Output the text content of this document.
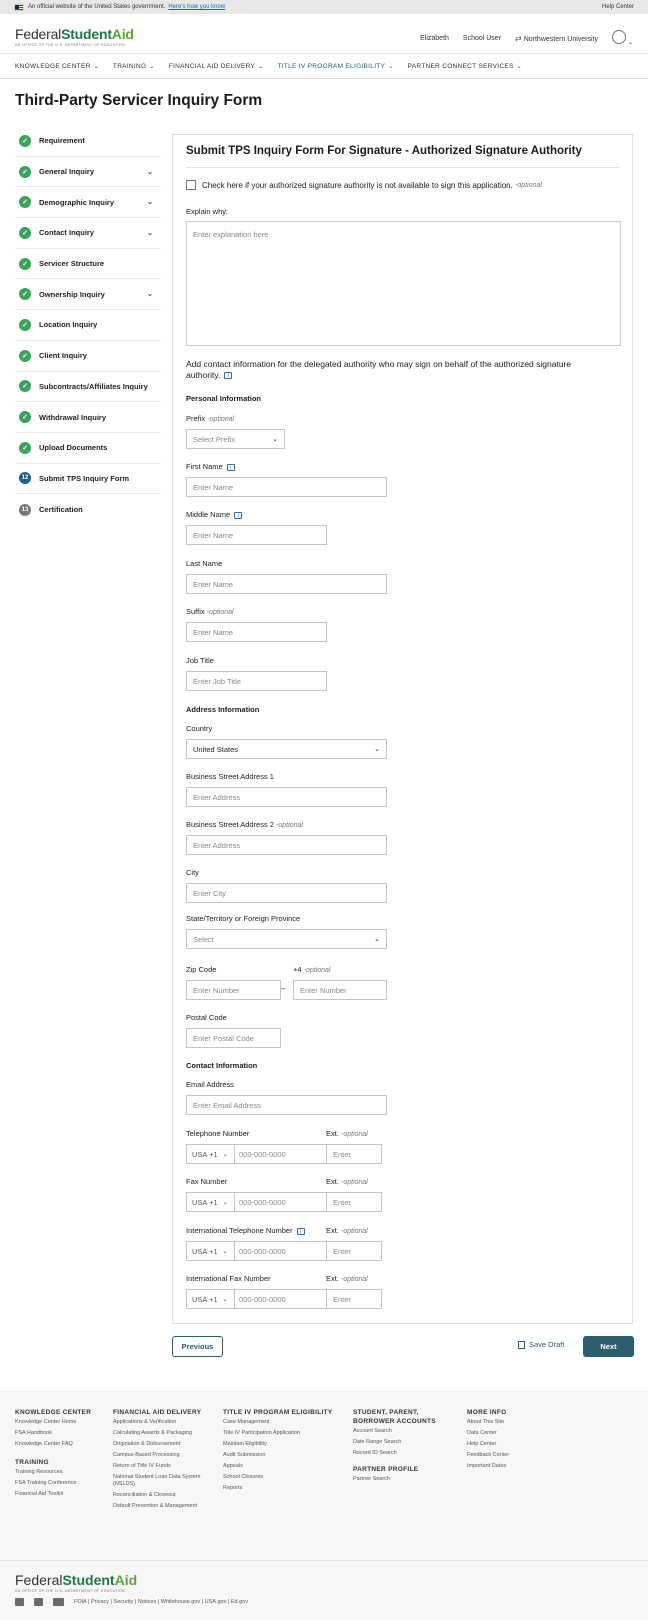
An official website of the United States government. Here's how you know	Help Center
FederalStudentAid
AN OFFICE OF THE U.S. DEPARTMENT OF EDUCATION
Elizabeth School User ⇄ Northwestern University
⌄
KNOWLEDGE CENTER ⌄ TRAINING ⌄ FINANCIAL AID DELIVERY ⌄ TITLE IV PROGRAM ELIGIBILITY ⌄ PARTNER CONNECT SERVICES ⌄
Third-Party Servicer Inquiry Form
✓	Requirement
✓	General Inquiry	⌄
✓	Demographic Inquiry	⌄
✓	Contact Inquiry	⌄
✓	Servicer Structure
✓	Ownership Inquiry	⌄
✓	Location Inquiry
✓	Client Inquiry
✓	Subcontracts/Affiliates Inquiry
✓	Withdrawal Inquiry
✓	Upload Documents
12	Submit TPS Inquiry Form
13	Certification
Submit TPS Inquiry Form For Signature - Authorized Signature Authority
Check here if your authorized signature authority is not available to sign this application.
-optional
Explain why:
Enter explanation here
Add contact information for the delegated authority who may sign on behalf of the authorized signature authority. i
Personal Information
Prefix -optional
Select Prefix	⌄
First Name i
Enter Name
Middle Name i
Enter Name
Last Name
Enter Name
Suffix -optional
Enter Name
Job Title
Enter Job Title
Address Information
Country
United States	⌄
Business Street Address 1
Enter Address
Business Street Address 2 -optional
Enter Address
City
Enter City
State/Territory or Foreign Province
Select	⌄
Zip Code	+4 -optional
Enter Number	–	Enter Number
Postal Code
Enter Postal Code
Contact Information
Email Address
Enter Email Address
Telephone Number	Ext. -optional
USA +1 ⌄	000-000-0000	Enter
Fax Number	Ext. -optional
USA +1 ⌄	000-000-0000	Enter
International Telephone Number i	Ext. -optional
USA +1 ⌄	000-000-0000	Enter
International Fax Number	Ext. -optional
USA +1 ⌄	000-000-0000	Enter
Previous	Save Draft	Next
KNOWLEDGE CENTER
Knowledge Center Home
FSA Handbook
Knowledge Center FAQ
TRAINING
Training Resources
FSA Training Conference
Financial Aid Toolkit
FINANCIAL AID DELIVERY
Applications & Verification
Calculating Awards & Packaging
Origination & Disbursement
Campus-Based Processing
Return of Title IV Funds
National Student Loan Data System (NSLDS)
Reconciliation & Closeout
Default Prevention & Management
TITLE IV PROGRAM ELIGIBILITY
Case Management
Title IV Participation Application
Maintain Eligibility
Audit Submission
Appeals
School Closures
Reports
STUDENT, PARENT, BORROWER ACCOUNTS
Account Search
Date Range Search
Record ID Search
PARTNER PROFILE
Partner Search
MORE INFO
About This Site
Data Center
Help Center
Feedback Center
Important Dates
FederalStudentAid
AN OFFICE OF THE U.S. DEPARTMENT OF EDUCATION
FOIA | Privacy | Security | Notices | Whitehouse.gov | USA.gov | Ed.gov
